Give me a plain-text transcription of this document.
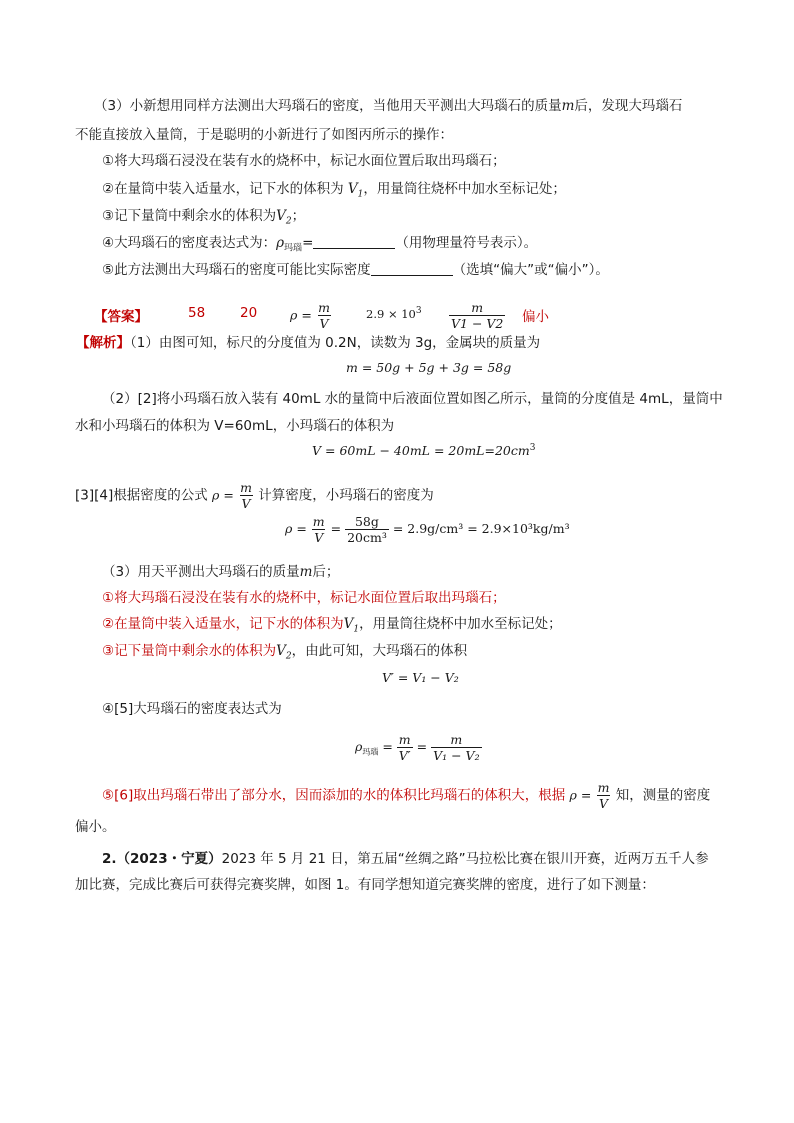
（3）小新想用同样方法测出大玛瑙石的密度，当他用天平测出大玛瑙石的质量m后，发现大玛瑙石
不能直接放入量筒，于是聪明的小新进行了如图丙所示的操作：
①将大玛瑙石浸没在装有水的烧杯中，标记水面位置后取出玛瑙石；
②在量筒中装入适量水，记下水的体积为 $V_1$，用量筒往烧杯中加水至标记处；
③记下量筒中剩余水的体积为$V_2$；
④大玛瑙石的密度表达式为：$\rho_{玛瑙}=$	（用物理量符号表示）。
⑤此方法测出大玛瑙石的密度可能比实际密度	（选填“偏大”或“偏小”）。
【答案】	58	20	$\rho = \frac{m}{V}$	$2.9 \times 10^3 \frac{m}{V1 - V2}$ 偏小
【解析】（1）由图可知，标尺的分度值为 0.2N，读数为 3g，金属块的质量为
m = 50g + 5g + 3g = 58g
（2）[2]将小玛瑙石放入装有 40mL 水的量筒中后液面位置如图乙所示，量筒的分度值是 4mL，量筒中
水和小玛瑙石的体积为 V=60mL，小玛瑙石的体积为
$V = 60mL - 40mL = 20mL=20cm^3$
[3][4]根据密度的公式 $\rho = \frac{m}{V}$ 计算密度，小玛瑙石的密度为
$\rho = \frac{m}{V} = \frac{58g}{\text{20cm³}} = 2.9g/cm^3 = 2.9\times 10^3kg/m^3$
（3）用天平测出大玛瑙石的质量m后；
①将大玛瑙石浸没在装有水的烧杯中，标记水面位置后取出玛瑙石；
②在量筒中装入适量水，记下水的体积为$V_1$，用量筒往烧杯中加水至标记处；
③记下量筒中剩余水的体积为$V_2$，由此可知，大玛瑙石的体积
V′ = V₁ − V₂
④[5]大玛瑙石的密度表达式为
$\rho_{玛瑙} = \frac{m}{V'} = \frac{m}{\text{V₁ − V₂}}$
⑤[6]取出玛瑙石带出了部分水，因而添加的水的体积比玛瑙石的体积大，根据 $\rho = \frac{m}{V}$ 知，测量的密度
偏小。
2.（2023・宁夏）2023 年 5 月 21 日，第五届“丝绸之路”马拉松比赛在银川开赛，近两万五千人参
加比赛，完成比赛后可获得完赛奖牌，如图 1。有同学想知道完赛奖牌的密度，进行了如下测量：
